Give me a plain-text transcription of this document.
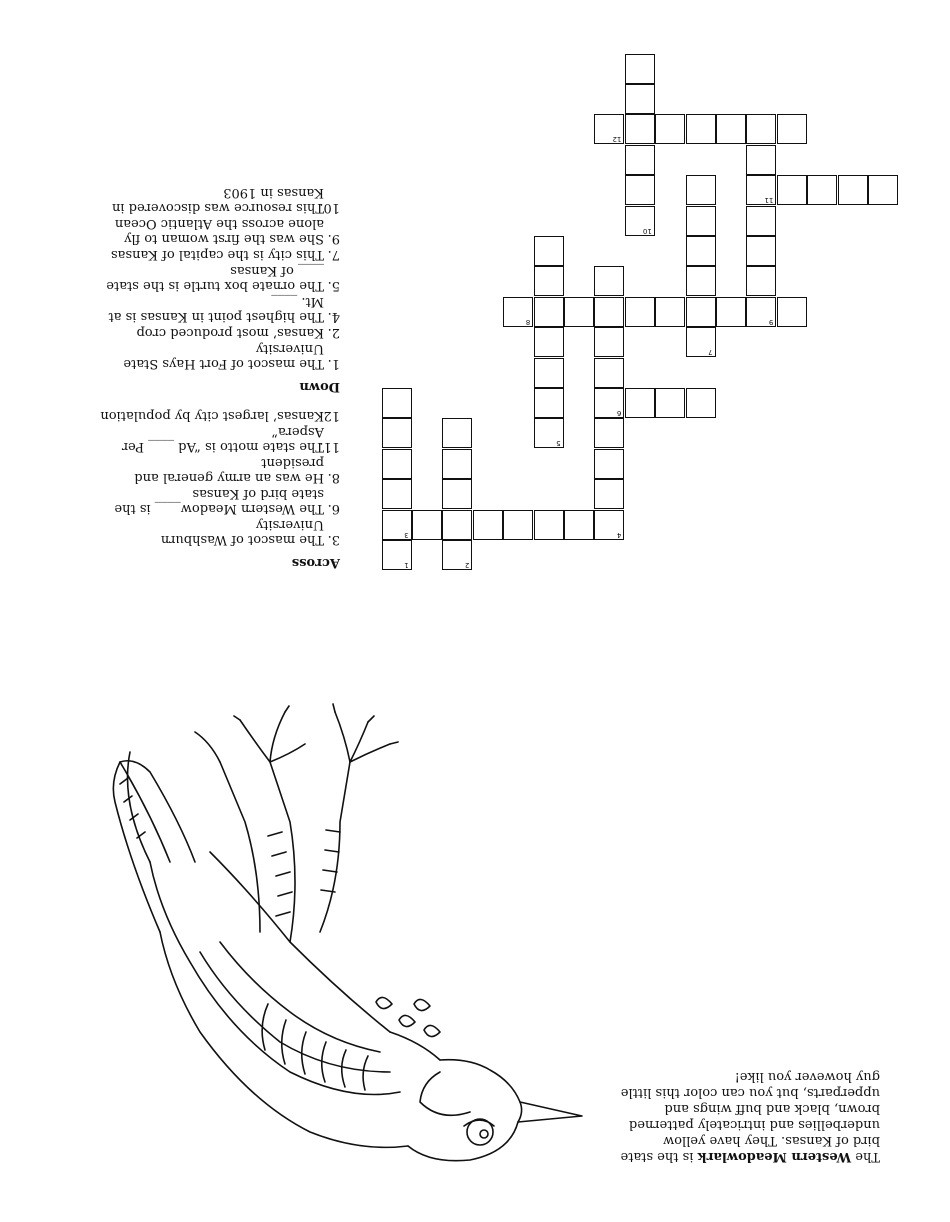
1	2
3	4
5
6
7
8	9
10
11
12
Across
3.
The mascot of Washburn University
6.
The Western Meadow____ is the state bird of Kansas
8.
He was an army general and president
11.
The state motto is “Ad ____ Per Aspera”
12.
Kansas’ largest city by population
Down
1.
The mascot of Fort Hays State University
2.
Kansas’ most produced crop
4.
The highest point in Kansas is at Mt. ____
5.
The ornate box turtle is the state ____ of Kansas
7.
This city is the capital of Kansas
9.
She was the first woman to fly alone across the Atlantic Ocean
10.
This resource was discovered in Kansas in 1903
The Western Meadowlark is the state bird of Kansas. They have yellow underbellies and intricately patterned brown, black and buff wings and upperparts, but you can color this little guy however you like!
